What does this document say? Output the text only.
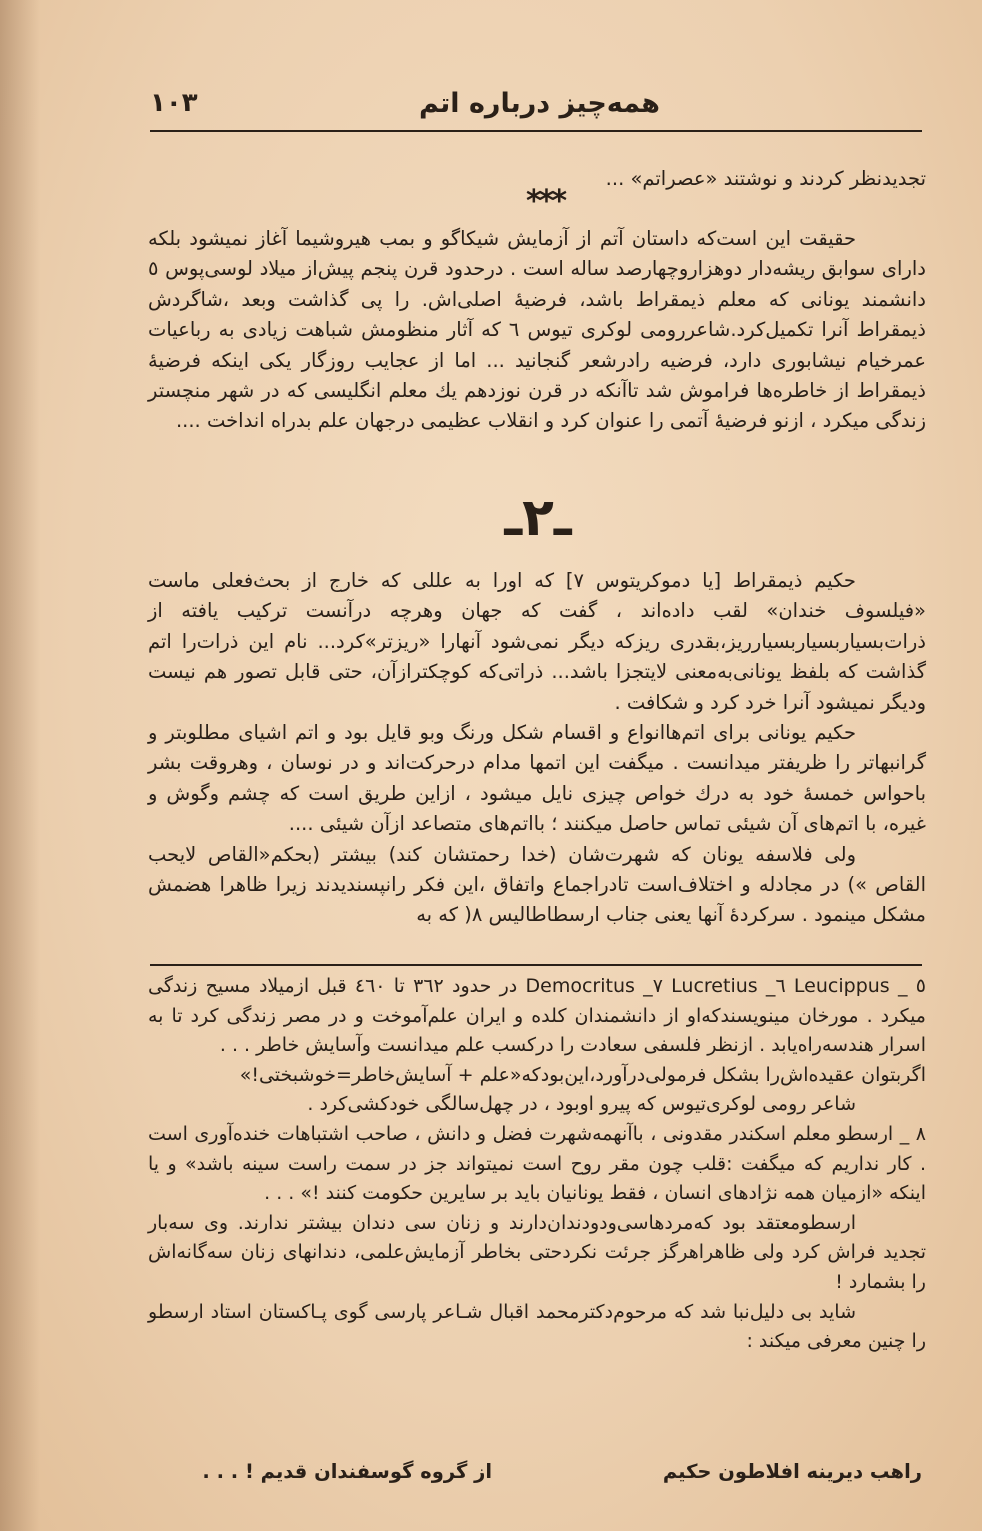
همه‌چیز درباره اتم
۱۰۳

تجدیدنظر کردند و نوشتند «عصراتم» ...

***

حقیقت این است‌که داستان آتم از آزمایش شیکاگو و بمب هیروشیما آغاز نمیشود بلکه دارای سوابق ریشه‌دار دوهزاروچهارصد ساله است . درحدود قرن پنجم پیش‌از میلاد لوسی‌پوس ٥ دانشمند یونانی که معلم ذیمقراط باشد، فرضیهٔ اصلی‌اش. را پی گذاشت وبعد ،شاگردش ذیمقراط آنرا تکمیل‌کرد.شاعررومی لوکری تیوس ٦ که آثار منظومش شباهت زیادی به رباعیات عمرخیام نیشابوری دارد، فرضیه رادرشعر گنجانید ... اما از عجایب روزگار یکی اینکه فرضیهٔ ذیمقراط از خاطره‌ها فراموش شد تاآنکه در قرن نوزدهم یك معلم انگلیسی که در شهر منچستر زندگی میکرد ، ازنو فرضیهٔ آتمی را عنوان کرد و انقلاب عظیمی درجهان علم بدراه انداخت ....

ـ۲ـ

حکیم ذیمقراط [یا دموکریتوس ۷] که اورا به عللی که خارج از بحث‌فعلی ماست «فیلسوف خندان» لقب داده‌اند ، گفت که جهان وهرچه درآنست ترکیب یافته از ذرات‌بسیاربسیاربسیارریز،بقدری ریزکه دیگر نمی‌شود آنهارا «ریزتر»کرد... نام این ذرات‌را اتم گذاشت که بلفظ یونانی‌به‌معنی لایتجزا باشد... ذراتی‌که کوچکتراز‌آن، حتی قابل تصور هم نیست ودیگر نمیشود آنرا خرد کرد و شکافت .

حکیم یونانی برای اتم‌هاانواع و اقسام شکل ورنگ وبو قایل بود و اتم اشیای مطلوبتر و گرانبهاتر را ظریفتر میدانست . میگفت این اتمها مدام درحرکت‌اند و در نوسان ، وهروقت بشر باحواس خمسهٔ خود به درك خواص چیزی نایل میشود ، ازاین طریق است که چشم وگوش و غیره، با اتم‌های آن شیئی تماس حاصل میکنند ؛ بااتم‌های متصاعد ازآن شیئی ....

ولی فلاسفه یونان که شهرت‌شان (خدا رحمتشان کند) بیشتر (بحکم«القاص لایحب القاص ») در مجادله و اختلاف‌است تادراجماع واتفاق ،این فکر رانپسندیدند زیرا ظاهرا هضمش مشکل مینمود . سرکردهٔ آنها یعنی جناب ارسطاطالیس ۸( که به

٥ _ Leucippus ٦_ Lucretius ٧_ Democritus در حدود ٣٦٢ تا ٤٦٠ قبل ازمیلاد مسیح زندگی میکرد . مورخان مینویسندکه‌او از دانشمندان کلده و ایران علم‌آموخت و در مصر زندگی کرد تا به اسرار هندسه‌راه‌یابد . ازنظر فلسفی سعادت را درکسب علم میدانست وآسایش خاطر . . .

اگربتوان عقیده‌اش‌را بشکل فرمولی‌درآورد،این‌بودکه«علم + آسایش‌خاطر=خوشبختی!»

شاعر رومی لوکری‌تیوس که پیرو اوبود ، در چهل‌سالگی خودکشی‌کرد .

٨ _ ارسطو معلم اسکندر مقدونی ، باآنهمه‌شهرت فضل و دانش ، صاحب اشتباهات خنده‌آوری است . کار نداریم که میگفت :قلب چون مقر روح است نمیتواند جز در سمت راست سینه باشد» و یا اینکه «ازمیان همه نژادهای انسان ، فقط یونانیان باید بر سایرین حکومت کنند !» . . .

ارسطومعتقد بود که‌مردهاسی‌ودودندان‌دارند و زنان سی دندان بیشتر ندارند. وی سه‌بار تجدید فراش کرد ولی ظاهرا‌هرگز جرئت نکردحتی بخاطر آزمایش‌علمی، دندانهای زنان سه‌گانه‌اش را بشمارد !

شاید بی دلیل‌نبا شد که مرحوم‌دکترمحمد اقبال شـاعر پارسی گوی پـاکستان استاد ارسطو را چنین معرفی میکند :

راهب دیرینه افلاطون حکیم
از گروه گوسفندان قدیم ! . . .
